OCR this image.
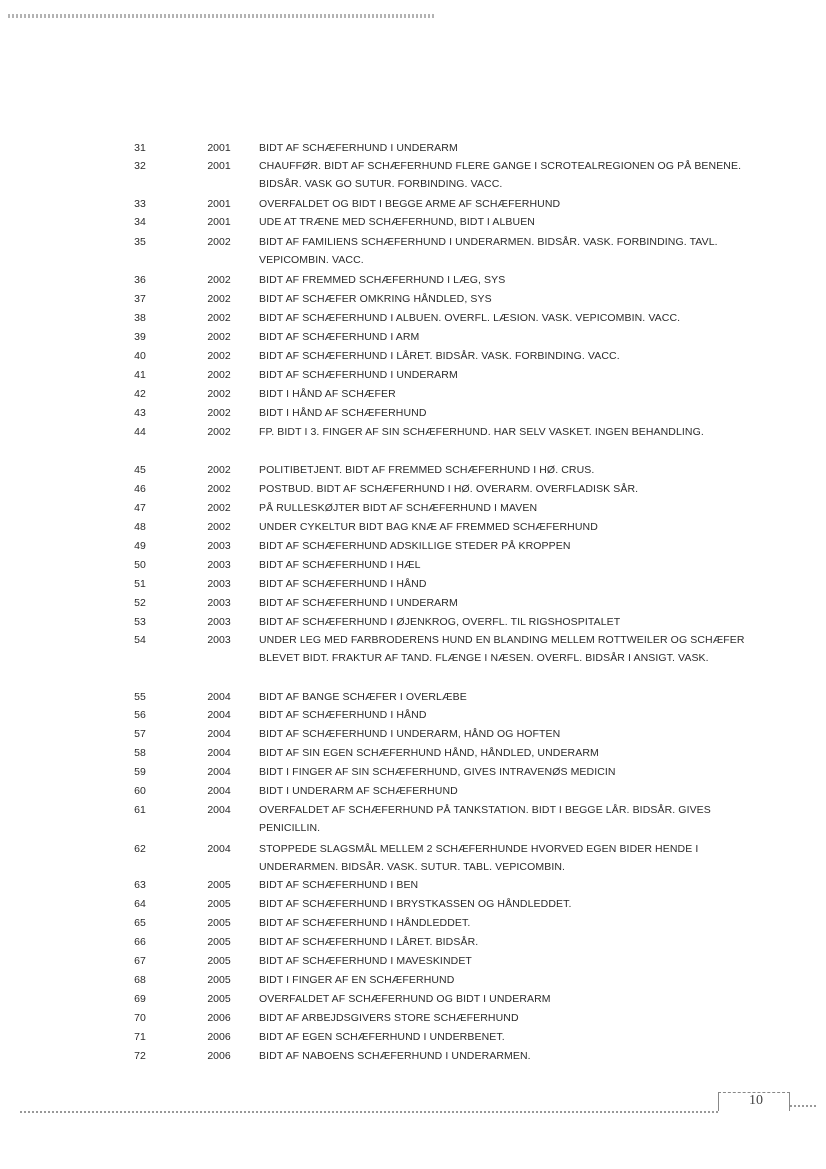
31	2001	BIDT AF SCHÆFERHUND I UNDERARM
32	2001	CHAUFFØR. BIDT AF SCHÆFERHUND FLERE GANGE I SCROTEALREGIONEN OG PÅ BENENE. BIDSÅR. VASK GO SUTUR. FORBINDING. VACC.
33	2001	OVERFALDET OG BIDT I BEGGE ARME AF SCHÆFERHUND
34	2001	UDE AT TRÆNE MED SCHÆFERHUND, BIDT I ALBUEN
35	2002	BIDT AF FAMILIENS SCHÆFERHUND I UNDERARMEN. BIDSÅR. VASK. FORBINDING. TAVL. VEPICOMBIN. VACC.
36	2002	BIDT AF FREMMED SCHÆFERHUND I LÆG, SYS
37	2002	BIDT AF SCHÆFER OMKRING HÅNDLED, SYS
38	2002	BIDT AF SCHÆFERHUND I ALBUEN. OVERFL. LÆSION. VASK. VEPICOMBIN. VACC.
39	2002	BIDT AF SCHÆFERHUND I ARM
40	2002	BIDT AF SCHÆFERHUND I LÅRET. BIDSÅR. VASK. FORBINDING. VACC.
41	2002	BIDT AF SCHÆFERHUND I UNDERARM
42	2002	BIDT I HÅND AF SCHÆFER
43	2002	BIDT I HÅND AF SCHÆFERHUND
44	2002	FP. BIDT I 3. FINGER AF SIN SCHÆFERHUND. HAR SELV VASKET. INGEN BEHANDLING.
45	2002	POLITIBETJENT. BIDT AF FREMMED SCHÆFERHUND I HØ. CRUS.
46	2002	POSTBUD. BIDT AF SCHÆFERHUND I HØ. OVERARM. OVERFLADISK SÅR.
47	2002	PÅ RULLESKØJTER BIDT AF SCHÆFERHUND I MAVEN
48	2002	UNDER CYKELTUR BIDT BAG KNÆ AF FREMMED SCHÆFERHUND
49	2003	BIDT AF SCHÆFERHUND ADSKILLIGE STEDER PÅ KROPPEN
50	2003	BIDT AF SCHÆFERHUND I HÆL
51	2003	BIDT AF SCHÆFERHUND I HÅND
52	2003	BIDT AF SCHÆFERHUND I UNDERARM
53	2003	BIDT AF SCHÆFERHUND I ØJENKROG, OVERFL. TIL RIGSHOSPITALET
54	2003	UNDER LEG MED FARBRODERENS HUND EN BLANDING MELLEM ROTTWEILER OG SCHÆFER BLEVET BIDT. FRAKTUR AF TAND. FLÆNGE I NÆSEN. OVERFL. BIDSÅR I ANSIGT. VASK.
55	2004	BIDT AF BANGE SCHÆFER I OVERLÆBE
56	2004	BIDT AF SCHÆFERHUND I HÅND
57	2004	BIDT AF SCHÆFERHUND I UNDERARM, HÅND OG HOFTEN
58	2004	BIDT AF SIN EGEN SCHÆFERHUND HÅND, HÅNDLED, UNDERARM
59	2004	BIDT I FINGER AF SIN SCHÆFERHUND, GIVES INTRAVENØS MEDICIN
60	2004	BIDT I UNDERARM AF SCHÆFERHUND
61	2004	OVERFALDET AF SCHÆFERHUND PÅ TANKSTATION. BIDT I BEGGE LÅR. BIDSÅR. GIVES PENICILLIN.
62	2004	STOPPEDE SLAGSMÅL MELLEM 2 SCHÆFERHUNDE HVORVED EGEN BIDER HENDE I UNDERARMEN. BIDSÅR. VASK. SUTUR. TABL. VEPICOMBIN.
63	2005	BIDT AF SCHÆFERHUND I BEN
64	2005	BIDT AF SCHÆFERHUND I BRYSTKASSEN OG HÅNDLEDDET.
65	2005	BIDT AF SCHÆFERHUND I HÅNDLEDDET.
66	2005	BIDT AF SCHÆFERHUND I LÅRET. BIDSÅR.
67	2005	BIDT AF SCHÆFERHUND I MAVESKINDET
68	2005	BIDT I FINGER AF EN SCHÆFERHUND
69	2005	OVERFALDET AF SCHÆFERHUND OG BIDT I UNDERARM
70	2006	BIDT AF ARBEJDSGIVERS STORE SCHÆFERHUND
71	2006	BIDT AF EGEN SCHÆFERHUND I UNDERBENET.
72	2006	BIDT AF NABOENS SCHÆFERHUND I UNDERARMEN.
10
